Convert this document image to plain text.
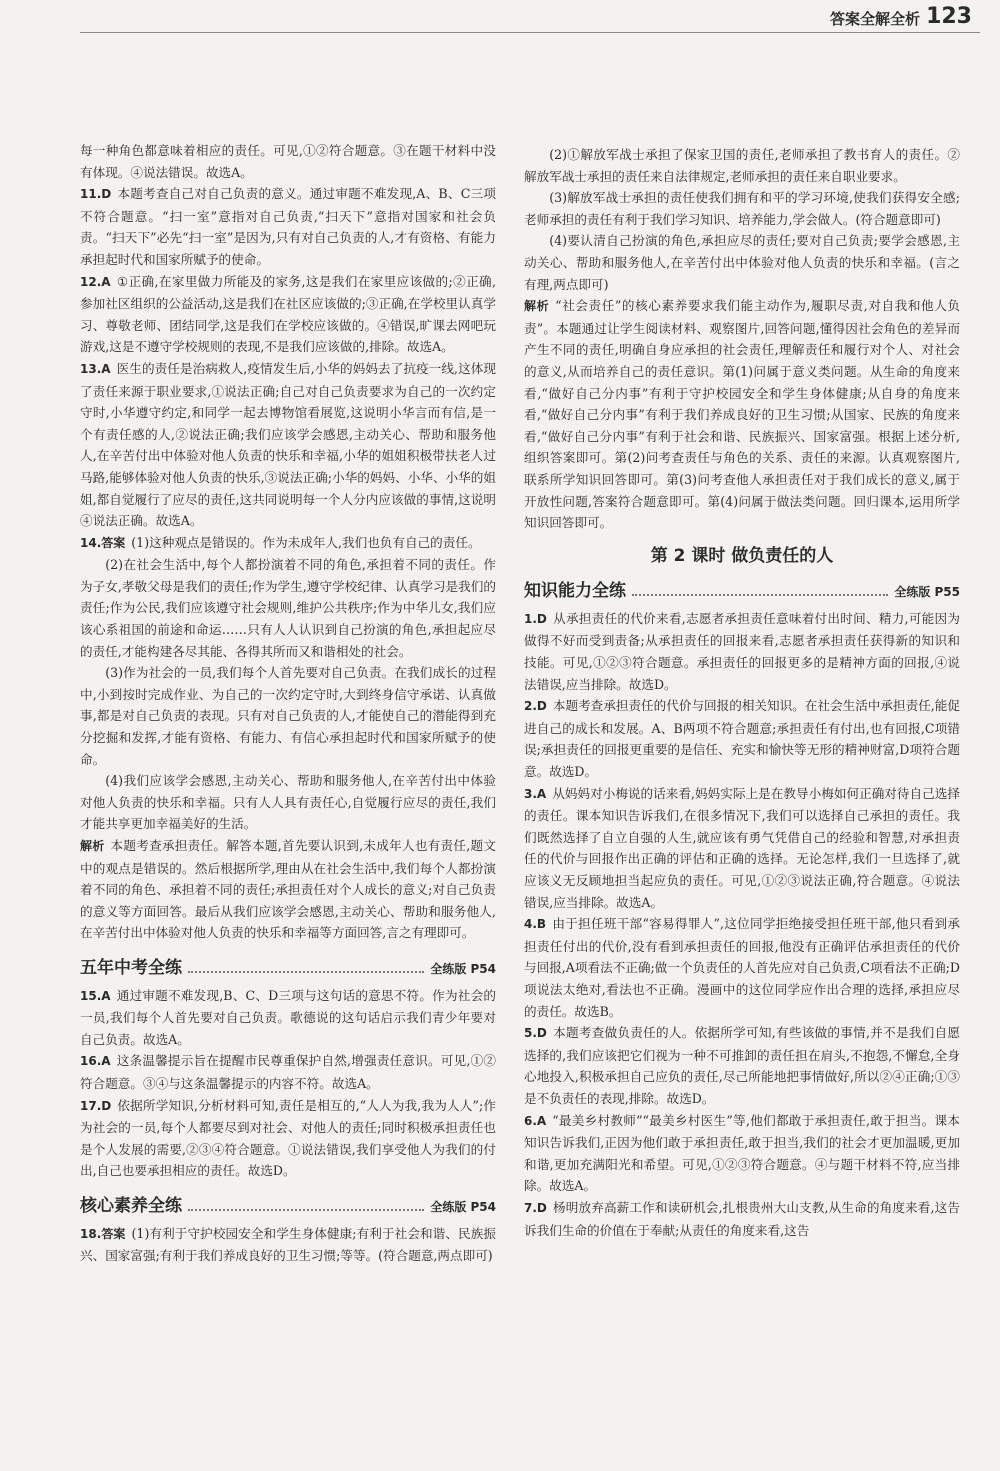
答案全解全析 123

每一种角色都意味着相应的责任。可见,①②符合题意。③在题干材料中没有体现。④说法错误。故选A。

11.D 本题考查自己对自己负责的意义。通过审题不难发现,A、B、C三项不符合题意。“扫一室”意指对自己负责,“扫天下”意指对国家和社会负责。“扫天下”必先“扫一室”是因为,只有对自己负责的人,才有资格、有能力承担起时代和国家所赋予的使命。

12.A ①正确,在家里做力所能及的家务,这是我们在家里应该做的;②正确,参加社区组织的公益活动,这是我们在社区应该做的;③正确,在学校里认真学习、尊敬老师、团结同学,这是我们在学校应该做的。④错误,旷课去网吧玩游戏,这是不遵守学校规则的表现,不是我们应该做的,排除。故选A。

13.A 医生的责任是治病救人,疫情发生后,小华的妈妈去了抗疫一线,这体现了责任来源于职业要求,①说法正确;自己对自己负责要求为自己的一次约定守时,小华遵守约定,和同学一起去博物馆看展览,这说明小华言而有信,是一个有责任感的人,②说法正确;我们应该学会感恩,主动关心、帮助和服务他人,在辛苦付出中体验对他人负责的快乐和幸福,小华的姐姐积极带扶老人过马路,能够体验对他人负责的快乐,③说法正确;小华的妈妈、小华、小华的姐姐,都自觉履行了应尽的责任,这共同说明每一个人分内应该做的事情,这说明④说法正确。故选A。

14.答案 (1)这种观点是错误的。作为未成年人,我们也负有自己的责任。

(2)在社会生活中,每个人都扮演着不同的角色,承担着不同的责任。作为子女,孝敬父母是我们的责任;作为学生,遵守学校纪律、认真学习是我们的责任;作为公民,我们应该遵守社会规则,维护公共秩序;作为中华儿女,我们应该心系祖国的前途和命运……只有人人认识到自己扮演的角色,承担起应尽的责任,才能构建各尽其能、各得其所而又和谐相处的社会。

(3)作为社会的一员,我们每个人首先要对自己负责。在我们成长的过程中,小到按时完成作业、为自己的一次约定守时,大到终身信守承诺、认真做事,都是对自己负责的表现。只有对自己负责的人,才能使自己的潜能得到充分挖掘和发挥,才能有资格、有能力、有信心承担起时代和国家所赋予的使命。

(4)我们应该学会感恩,主动关心、帮助和服务他人,在辛苦付出中体验对他人负责的快乐和幸福。只有人人具有责任心,自觉履行应尽的责任,我们才能共享更加幸福美好的生活。

解析 本题考查承担责任。解答本题,首先要认识到,未成年人也有责任,题文中的观点是错误的。然后根据所学,理由从在社会生活中,我们每个人都扮演着不同的角色、承担着不同的责任;承担责任对个人成长的意义;对自己负责的意义等方面回答。最后从我们应该学会感恩,主动关心、帮助和服务他人,在辛苦付出中体验对他人负责的快乐和幸福等方面回答,言之有理即可。

五年中考全练	全练版 P54

15.A 通过审题不难发现,B、C、D三项与这句话的意思不符。作为社会的一员,我们每个人首先要对自己负责。歌德说的这句话启示我们青少年要对自己负责。故选A。

16.A 这条温馨提示旨在提醒市民尊重保护自然,增强责任意识。可见,①②符合题意。③④与这条温馨提示的内容不符。故选A。

17.D 依据所学知识,分析材料可知,责任是相互的,“人人为我,我为人人”;作为社会的一员,每个人都要尽到对社会、对他人的责任;同时积极承担责任也是个人发展的需要,②③④符合题意。①说法错误,我们享受他人为我们的付出,自己也要承担相应的责任。故选D。

核心素养全练	全练版 P54

18.答案 (1)有利于守护校园安全和学生身体健康;有利于社会和谐、民族振兴、国家富强;有利于我们养成良好的卫生习惯;等等。(符合题意,两点即可)

(2)①解放军战士承担了保家卫国的责任,老师承担了教书育人的责任。②解放军战士承担的责任来自法律规定,老师承担的责任来自职业要求。

(3)解放军战士承担的责任使我们拥有和平的学习环境,使我们获得安全感;老师承担的责任有利于我们学习知识、培养能力,学会做人。(符合题意即可)

(4)要认清自己扮演的角色,承担应尽的责任;要对自己负责;要学会感恩,主动关心、帮助和服务他人,在辛苦付出中体验对他人负责的快乐和幸福。(言之有理,两点即可)

解析 “社会责任”的核心素养要求我们能主动作为,履职尽责,对自我和他人负责”。本题通过让学生阅读材料、观察图片,回答问题,懂得因社会角色的差异而产生不同的责任,明确自身应承担的社会责任,理解责任和履行对个人、对社会的意义,从而培养自己的责任意识。第(1)问属于意义类问题。从生命的角度来看,“做好自己分内事”有利于守护校园安全和学生身体健康;从自身的角度来看,“做好自己分内事”有利于我们养成良好的卫生习惯;从国家、民族的角度来看,“做好自己分内事”有利于社会和谐、民族振兴、国家富强。根据上述分析,组织答案即可。第(2)问考查责任与角色的关系、责任的来源。认真观察图片,联系所学知识回答即可。第(3)问考查他人承担责任对于我们成长的意义,属于开放性问题,答案符合题意即可。第(4)问属于做法类问题。回归课本,运用所学知识回答即可。

第 2 课时 做负责任的人
知识能力全练	全练版 P55

1.D 从承担责任的代价来看,志愿者承担责任意味着付出时间、精力,可能因为做得不好而受到责备;从承担责任的回报来看,志愿者承担责任获得新的知识和技能。可见,①②③符合题意。承担责任的回报更多的是精神方面的回报,④说法错误,应当排除。故选D。

2.D 本题考查承担责任的代价与回报的相关知识。在社会生活中承担责任,能促进自己的成长和发展。A、B两项不符合题意;承担责任有付出,也有回报,C项错误;承担责任的回报更重要的是信任、充实和愉快等无形的精神财富,D项符合题意。故选D。

3.A 从妈妈对小梅说的话来看,妈妈实际上是在教导小梅如何正确对待自己选择的责任。课本知识告诉我们,在很多情况下,我们可以选择自己承担的责任。我们既然选择了自立自强的人生,就应该有勇气凭借自己的经验和智慧,对承担责任的代价与回报作出正确的评估和正确的选择。无论怎样,我们一旦选择了,就应该义无反顾地担当起应负的责任。可见,①②③说法正确,符合题意。④说法错误,应当排除。故选A。

4.B 由于担任班干部“容易得罪人”,这位同学拒绝接受担任班干部,他只看到承担责任付出的代价,没有看到承担责任的回报,他没有正确评估承担责任的代价与回报,A项看法不正确;做一个负责任的人首先应对自己负责,C项看法不正确;D项说法太绝对,看法也不正确。漫画中的这位同学应作出合理的选择,承担应尽的责任。故选B。

5.D 本题考查做负责任的人。依据所学可知,有些该做的事情,并不是我们自愿选择的,我们应该把它们视为一种不可推卸的责任担在肩头,不抱怨,不懈怠,全身心地投入,积极承担自己应负的责任,尽己所能地把事情做好,所以②④正确;①③是不负责任的表现,排除。故选D。

6.A “最美乡村教师”“最美乡村医生”等,他们都敢于承担责任,敢于担当。课本知识告诉我们,正因为他们敢于承担责任,敢于担当,我们的社会才更加温暖,更加和谐,更加充满阳光和希望。可见,①②③符合题意。④与题干材料不符,应当排除。故选A。

7.D 杨明放弃高薪工作和读研机会,扎根贵州大山支教,从生命的角度来看,这告诉我们生命的价值在于奉献;从责任的角度来看,这告
